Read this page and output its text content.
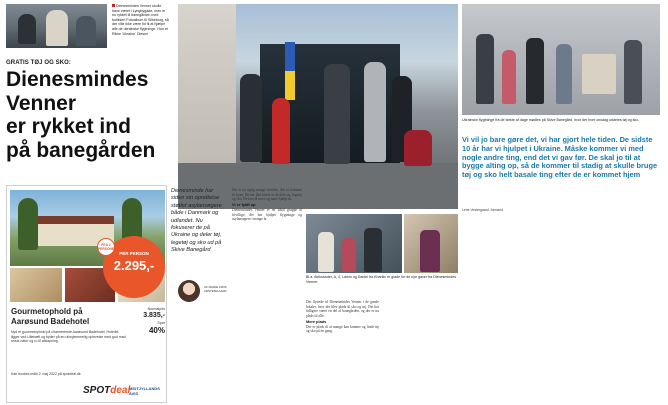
Dienesmindes Venner skulle have været i Lyngbygade, men er nu rykket til banegården med butikken Fotoalbum til Silkeborg, så der ville ikke være tid til at hjælpe alle de ukrainske flygtninge. Hun er Rikke 'Ukraine' Olesen
GRATIS TØJ OG SKO:
Dienesmindes
Venner
er rykket ind
på banegården
PER PERSON
2.295,-
FRA 2 PERSONER
Gourmetophold på Aarøsund Badehotel
Normalpris
3.835,-
Spar
40%
Nyd et gourmetophold på charmerende Aarøsund Badehotel. Hotellet ligger ved Lillebælt og byder på en uforglemmelig oplevelse med god mad, smuk natur og ro til afslapning.
Kan bookes indtil 2. maj 2022 på spotdeal.dk
SPOTdeal
MIDTJYLLANDS AVIS
Ukrainske flygtninge fra de første af dage mødtes på Skive Banegård, hvor der hver onsdag uddeles tøj og sko.
Vi vil jo bare gøre det, vi har gjort hele tiden. De sidste 10 år har vi hjulpet i Ukraine. Måske kommer vi med nogle andre ting, end det vi gav før. De skal jo til at bygge alting op, så de kommer til stadig at skulle bruge tøj og sko helt basale ting efter de er kommet hjem
Dienesminde har siden sin oprettelse støttet asylansøgere både i Danmark og udlandet. Nu fokuserer de på Ukraine og deler tøj, legetøj og sko ud på Skive Banegård
AF MARIE FRIIS VESTERGAARD
Det er nu rigtig mange familier, der er kommet til byen. De har fået klarer at de dele tøj, legetøj og sko. De kan få mere og mere hjælp nu.
Vi er fyldt op
Dienesmindes Venner er en lokal gruppe af frivillige, der har hjulpet flygtninge og asylansøgere i mange år.
Bl.a. Aleksander, A, 4, Larkin og Daniel fra Kharkiv er glade for de nye gaver fra Dienesmindes Venner.
Det flyttede til Dienesmindes Venner i de gamle lokaler, hvor der blev plads til sko og tøj. Det har tidligere været en del af banegården, og der er nu plads til alle.
Mere plads
Der er plads til at mange kan komme og finde tøj og sko på én gang.
Lene Vestergaard, formand
